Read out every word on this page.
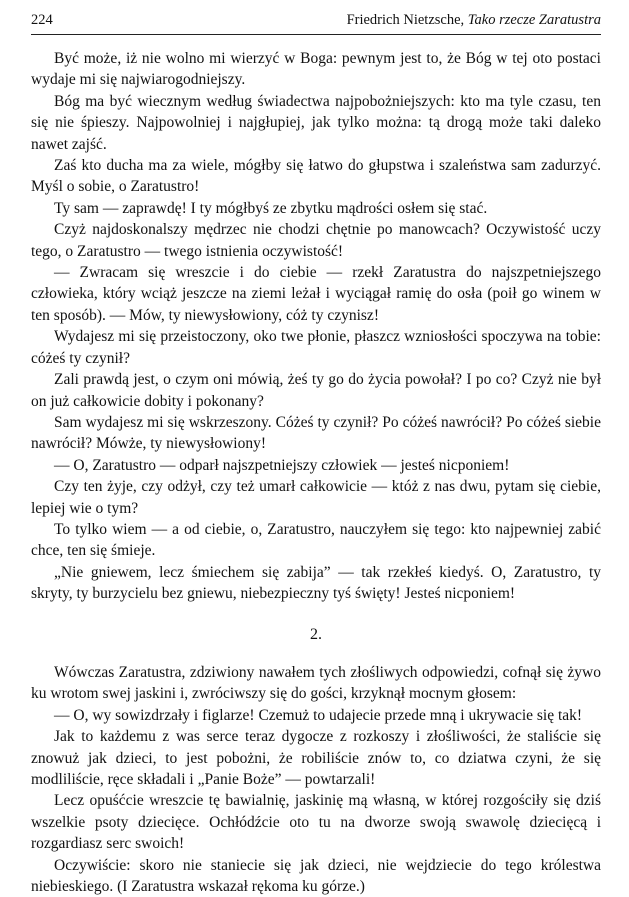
224	Friedrich Nietzsche, Tako rzecze Zaratustra

Być może, iż nie wolno mi wierzyć w Boga: pewnym jest to, że Bóg w tej oto postaci wydaje mi się najwiarogodniejszy.

Bóg ma być wiecznym według świadectwa najpobożniejszych: kto ma tyle czasu, ten się nie śpieszy. Najpowolniej i najgłupiej, jak tylko można: tą drogą może taki daleko nawet zajść.

Zaś kto ducha ma za wiele, mógłby się łatwo do głupstwa i szaleństwa sam zadurzyć. Myśl o sobie, o Zaratustro!

Ty sam — zaprawdę! I ty mógłbyś ze zbytku mądrości osłem się stać.

Czyż najdoskonalszy mędrzec nie chodzi chętnie po manowcach? Oczywistość uczy tego, o Zaratustro — twego istnienia oczywistość!

— Zwracam się wreszcie i do ciebie — rzekł Zaratustra do najszpetniejszego człowieka, który wciąż jeszcze na ziemi leżał i wyciągał ramię do osła (poił go winem w ten sposób). — Mów, ty niewysłowiony, cóż ty czynisz!

Wydajesz mi się przeistoczony, oko twe płonie, płaszcz wzniosłości spoczywa na tobie: cóżeś ty czynił?

Zali prawdą jest, o czym oni mówią, żeś ty go do życia powołał? I po co? Czyż nie był on już całkowicie dobity i pokonany?

Sam wydajesz mi się wskrzeszony. Cóżeś ty czynił? Po cóżeś nawrócił? Po cóżeś siebie nawrócił? Mówże, ty niewysłowiony!

— O, Zaratustro — odparł najszpetniejszy człowiek — jesteś nicponiem!

Czy ten żyje, czy odżył, czy też umarł całkowicie — któż z nas dwu, pytam się ciebie, lepiej wie o tym?

To tylko wiem — a od ciebie, o, Zaratustro, nauczyłem się tego: kto najpewniej zabić chce, ten się śmieje.

„Nie gniewem, lecz śmiechem się zabija” — tak rzekłeś kiedyś. O, Zaratustro, ty skryty, ty burzycielu bez gniewu, niebezpieczny tyś święty! Jesteś nicponiem!

2.

Wówczas Zaratustra, zdziwiony nawałem tych złośliwych odpowiedzi, cofnął się żywo ku wrotom swej jaskini i, zwróciwszy się do gości, krzyknął mocnym głosem:

— O, wy sowizdrzały i figlarze! Czemuż to udajecie przede mną i ukrywacie się tak!

Jak to każdemu z was serce teraz dygocze z rozkoszy i złośliwości, że staliście się znowuż jak dzieci, to jest pobożni, że robiliście znów to, co dziatwa czyni, że się modliliście, ręce składali i „Panie Boże” — powtarzali!

Lecz opuśćcie wreszcie tę bawialnię, jaskinię mą własną, w której rozgościły się dziś wszelkie psoty dziecięce. Ochłódźcie oto tu na dworze swoją swawolę dziecięcą i rozgardiasz serc swoich!

Oczywiście: skoro nie staniecie się jak dzieci, nie wejdziecie do tego królestwa niebieskiego. (I Zaratustra wskazał rękoma ku górze.)
